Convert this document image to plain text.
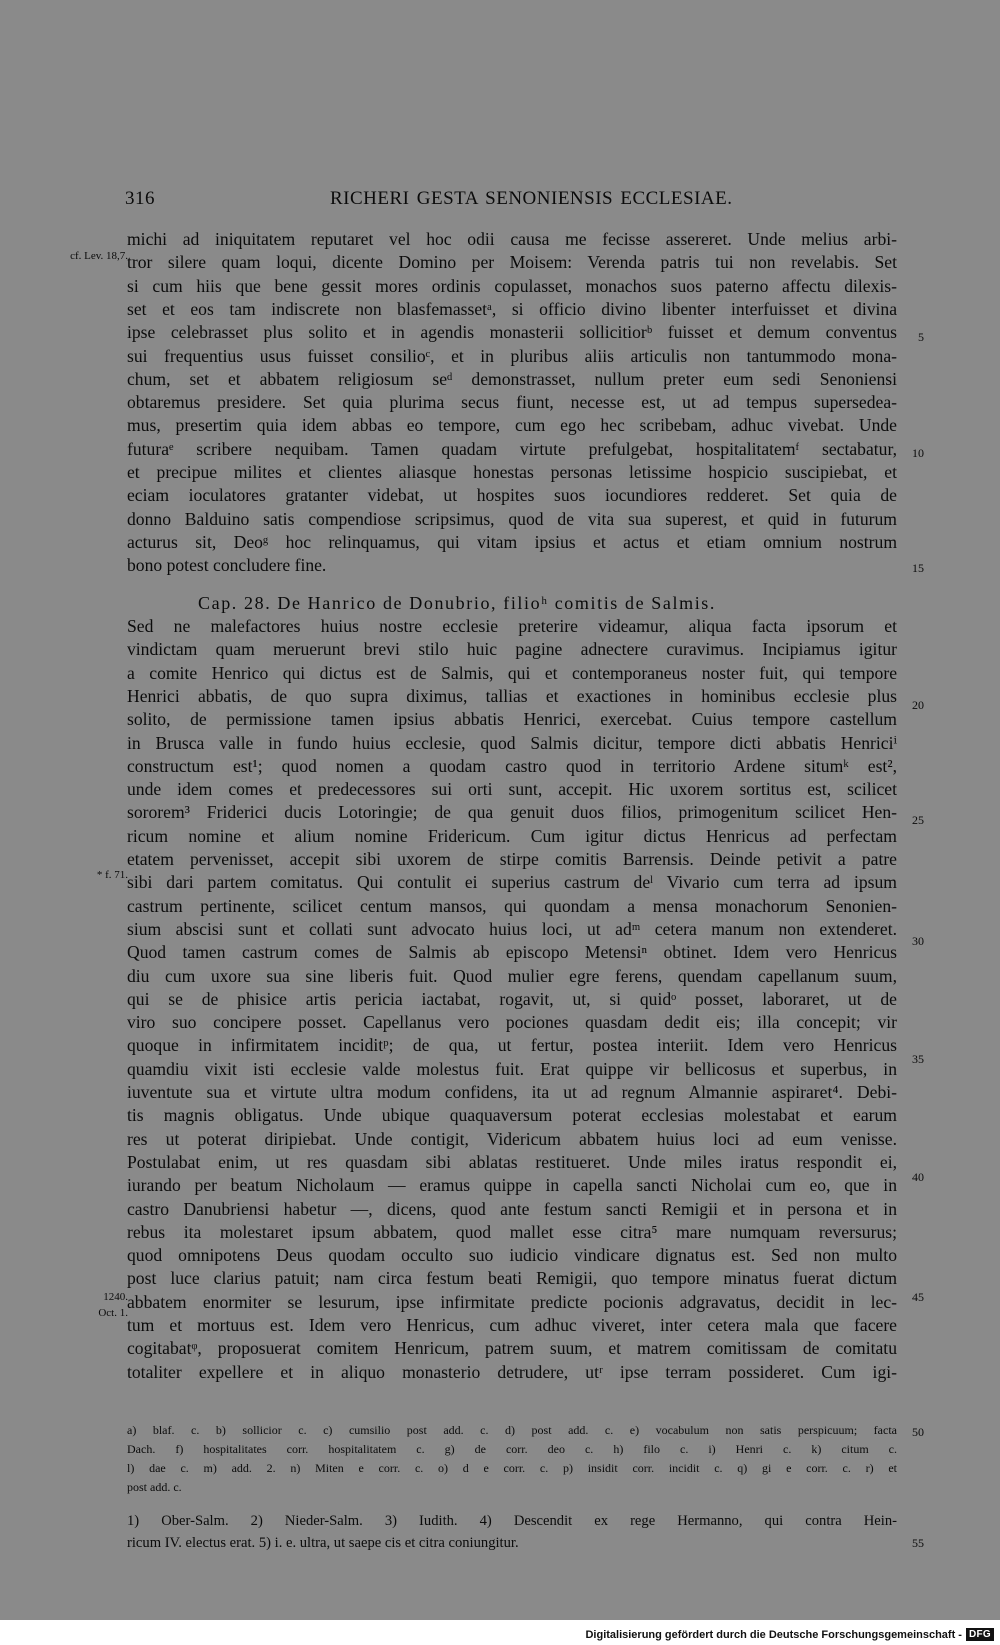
316	RICHERI GESTA SENONIENSIS ECCLESIAE.
michi ad iniquitatem reputaret vel hoc odii causa me fecisse assereret. Unde melius arbi-
tror silere quam loqui, dicente Domino per Moisem: Verenda patris tui non revelabis. Set
si cum hiis que bene gessit mores ordinis copulasset, monachos suos paterno affectu dilexis-
set et eos tam indiscrete non blasfemassetᵃ, si officio divino libenter interfuisset et divina
ipse celebrasset plus solito et in agendis monasterii sollicitiorᵇ fuisset et demum conventus
sui frequentius usus fuisset consilioᶜ, et in pluribus aliis articulis non tantummodo mona-
chum, set et abbatem religiosum seᵈ demonstrasset, nullum preter eum sedi Senoniensi
obtaremus presidere. Set quia plurima secus fiunt, necesse est, ut ad tempus supersedea-
mus, presertim quia idem abbas eo tempore, cum ego hec scribebam, adhuc vivebat. Unde
futuraᵉ scribere nequibam. Tamen quadam virtute prefulgebat, hospitalitatemᶠ sectabatur,
et precipue milites et clientes aliasque honestas personas letissime hospicio suscipiebat, et
eciam ioculatores gratanter videbat, ut hospites suos iocundiores redderet. Set quia de
donno Balduino satis compendiose scripsimus, quod de vita sua superest, et quid in futurum
acturus sit, Deoᵍ hoc relinquamus, qui vitam ipsius et actus et etiam omnium nostrum
bono potest concludere fine.
Cap. 28. De Hanrico de Donubrio, filioʰ comitis de Salmis.
Sed ne malefactores huius nostre ecclesie preterire videamur, aliqua facta ipsorum et
vindictam quam meruerunt brevi stilo huic pagine adnectere curavimus. Incipiamus igitur
a comite Henrico qui dictus est de Salmis, qui et contemporaneus noster fuit, qui tempore
Henrici abbatis, de quo supra diximus, tallias et exactiones in hominibus ecclesie plus
solito, de permissione tamen ipsius abbatis Henrici, exercebat. Cuius tempore castellum
in Brusca valle in fundo huius ecclesie, quod Salmis dicitur, tempore dicti abbatis Henriciⁱ
constructum est¹; quod nomen a quodam castro quod in territorio Ardene situmᵏ est²,
unde idem comes et predecessores sui orti sunt, accepit. Hic uxorem sortitus est, scilicet
sororem³ Friderici ducis Lotoringie; de qua genuit duos filios, primogenitum scilicet Hen-
ricum nomine et alium nomine Fridericum. Cum igitur dictus Henricus ad perfectam
etatem pervenisset, accepit sibi uxorem de stirpe comitis Barrensis. Deinde petivit a patre
sibi dari partem comitatus. Qui contulit ei superius castrum deˡ Vivario cum terra ad ipsum
castrum pertinente, scilicet centum mansos, qui quondam a mensa monachorum Senonien-
sium abscisi sunt et collati sunt advocato huius loci, ut adᵐ cetera manum non extenderet.
Quod tamen castrum comes de Salmis ab episcopo Metensiⁿ obtinet. Idem vero Henricus
diu cum uxore sua sine liberis fuit. Quod mulier egre ferens, quendam capellanum suum,
qui se de phisice artis pericia iactabat, rogavit, ut, si quidᵒ posset, laboraret, ut de
viro suo concipere posset. Capellanus vero pociones quasdam dedit eis; illa concepit; vir
quoque in infirmitatem inciditᵖ; de qua, ut fertur, postea interiit. Idem vero Henricus
quamdiu vixit isti ecclesie valde molestus fuit. Erat quippe vir bellicosus et superbus, in
iuventute sua et virtute ultra modum confidens, ita ut ad regnum Almannie aspiraret⁴. Debi-
tis magnis obligatus. Unde ubique quaquaversum poterat ecclesias molestabat et earum
res ut poterat diripiebat. Unde contigit, Videricum abbatem huius loci ad eum venisse.
Postulabat enim, ut res quasdam sibi ablatas restitueret. Unde miles iratus respondit ei,
iurando per beatum Nicholaum — eramus quippe in capella sancti Nicholai cum eo, que in
castro Danubriensi habetur —, dicens, quod ante festum sancti Remigii et in persona et in
rebus ita molestaret ipsum abbatem, quod mallet esse citra⁵ mare numquam reversurus;
quod omnipotens Deus quodam occulto suo iudicio vindicare dignatus est. Sed non multo
post luce clarius patuit; nam circa festum beati Remigii, quo tempore minatus fuerat dictum
abbatem enormiter se lesurum, ipse infirmitate predicte pocionis adgravatus, decidit in lec-
tum et mortuus est. Idem vero Henricus, cum adhuc viveret, inter cetera mala que facere
cogitabatᵠ, proposuerat comitem Henricum, patrem suum, et matrem comitissam de comitatu
totaliter expellere et in aliquo monasterio detrudere, utʳ ipse terram possideret. Cum igi-
cf. Lev. 18,7.
* f. 71.
1240.
Oct. 1.
5
10
15
20
25
30
35
40
45
50
55
a) blaf. c. b) sollicior c. c) cumsilio post add. c. d) post add. c. e) vocabulum non satis perspicuum; facta
Dach. f) hospitalitates corr. hospitalitatem c. g) de corr. deo c. h) filo c. i) Henri c. k) citum c.
l) dae c. m) add. 2. n) Miten e corr. c. o) d e corr. c. p) insidit corr. incidit c. q) gi e corr. c. r) et
post add. c.
1) Ober-Salm. 2) Nieder-Salm. 3) Iudith. 4) Descendit ex rege Hermanno, qui contra Hein-
ricum IV. electus erat. 5) i. e. ultra, ut saepe cis et citra coniungitur.
Digitalisierung gefördert durch die Deutsche Forschungsgemeinschaft - DFG
